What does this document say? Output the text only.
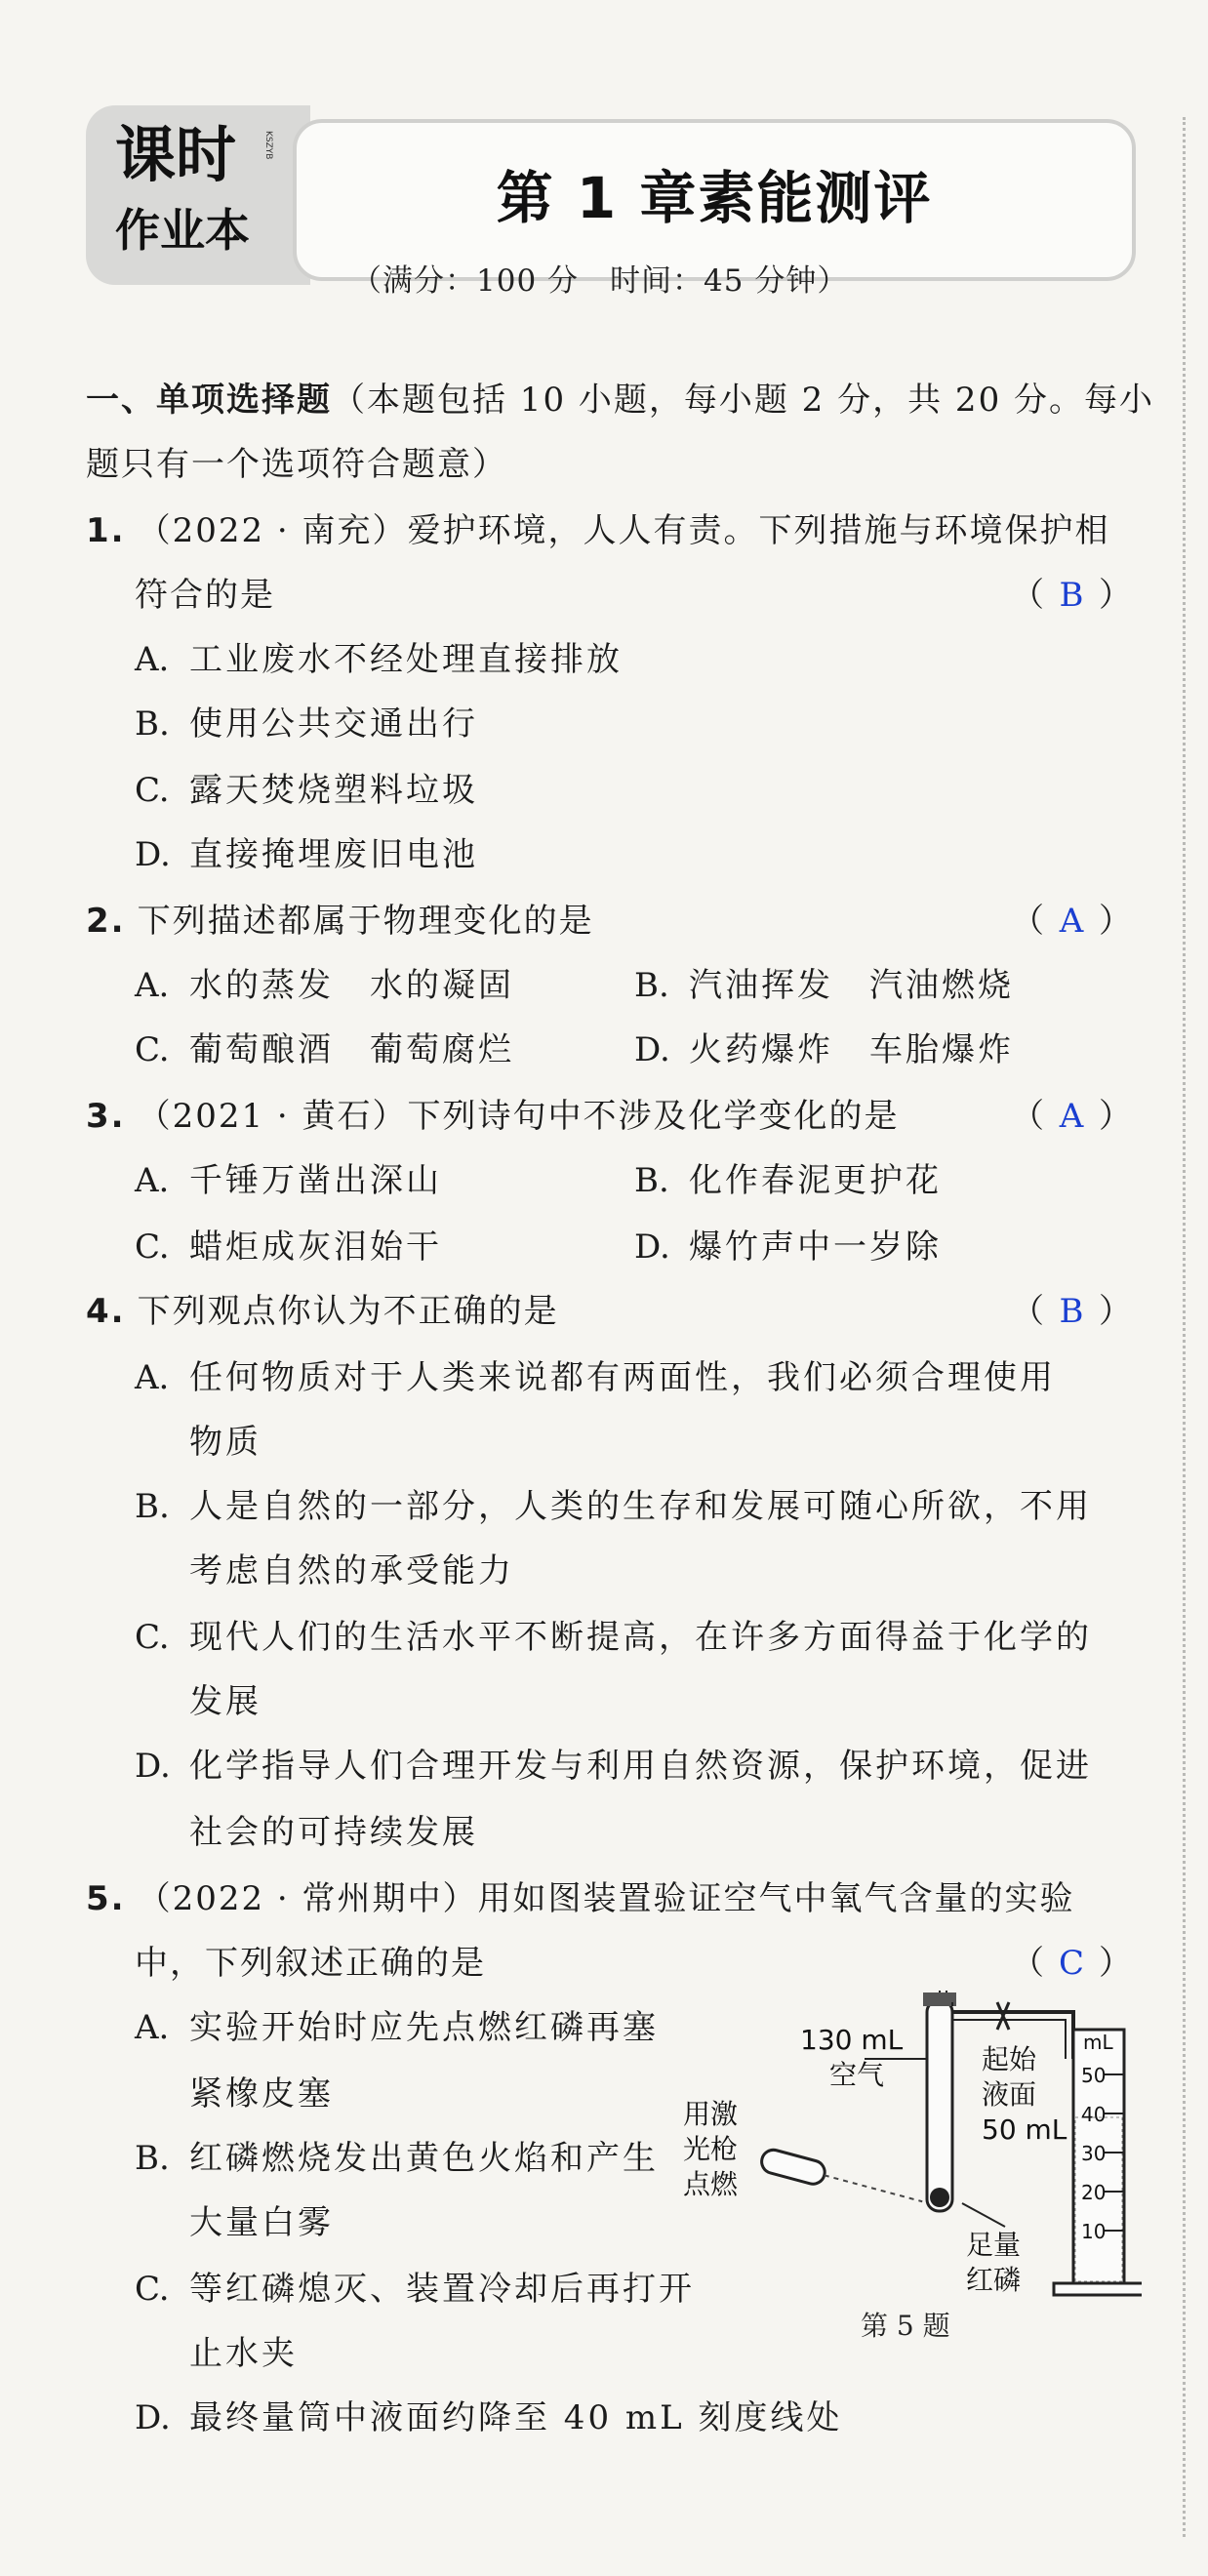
课时	KSZYB
作业本	第 1 章素能测评
（满分：100 分　时间：45 分钟）
一、单项选择题（本题包括 10 小题，每小题 2 分，共 20 分。每小
题只有一个选项符合题意）
1. （2022 · 南充）爱护环境，人人有责。下列措施与环境保护相
符合的是	（ B ）
A. 工业废水不经处理直接排放
B. 使用公共交通出行
C. 露天焚烧塑料垃圾
D. 直接掩埋废旧电池
2. 下列描述都属于物理变化的是	（ A ）
A. 水的蒸发　水的凝固	B. 汽油挥发　汽油燃烧
C. 葡萄酿酒　葡萄腐烂	D. 火药爆炸　车胎爆炸
3. （2021 · 黄石）下列诗句中不涉及化学变化的是	（ A ）
A. 千锤万凿出深山	B. 化作春泥更护花
C. 蜡炬成灰泪始干	D. 爆竹声中一岁除
4. 下列观点你认为不正确的是	（ B ）
A. 任何物质对于人类来说都有两面性，我们必须合理使用
物质
B. 人是自然的一部分，人类的生存和发展可随心所欲，不用
考虑自然的承受能力
C. 现代人们的生活水平不断提高，在许多方面得益于化学的
发展
D. 化学指导人们合理开发与利用自然资源，保护环境，促进
社会的可持续发展
5. （2022 · 常州期中）用如图装置验证空气中氧气含量的实验
中，下列叙述正确的是	（ C ）
A. 实验开始时应先点燃红磷再塞
紧橡皮塞
B. 红磷燃烧发出黄色火焰和产生
大量白雾
C. 等红磷熄灭、装置冷却后再打开
止水夹
D. 最终量筒中液面约降至 40 mL 刻度线处
130 mL
空气	起始
液面
50 mL
用激
光枪
点燃
足量
红磷
mL
50
40
30
20
10
第 5 题
